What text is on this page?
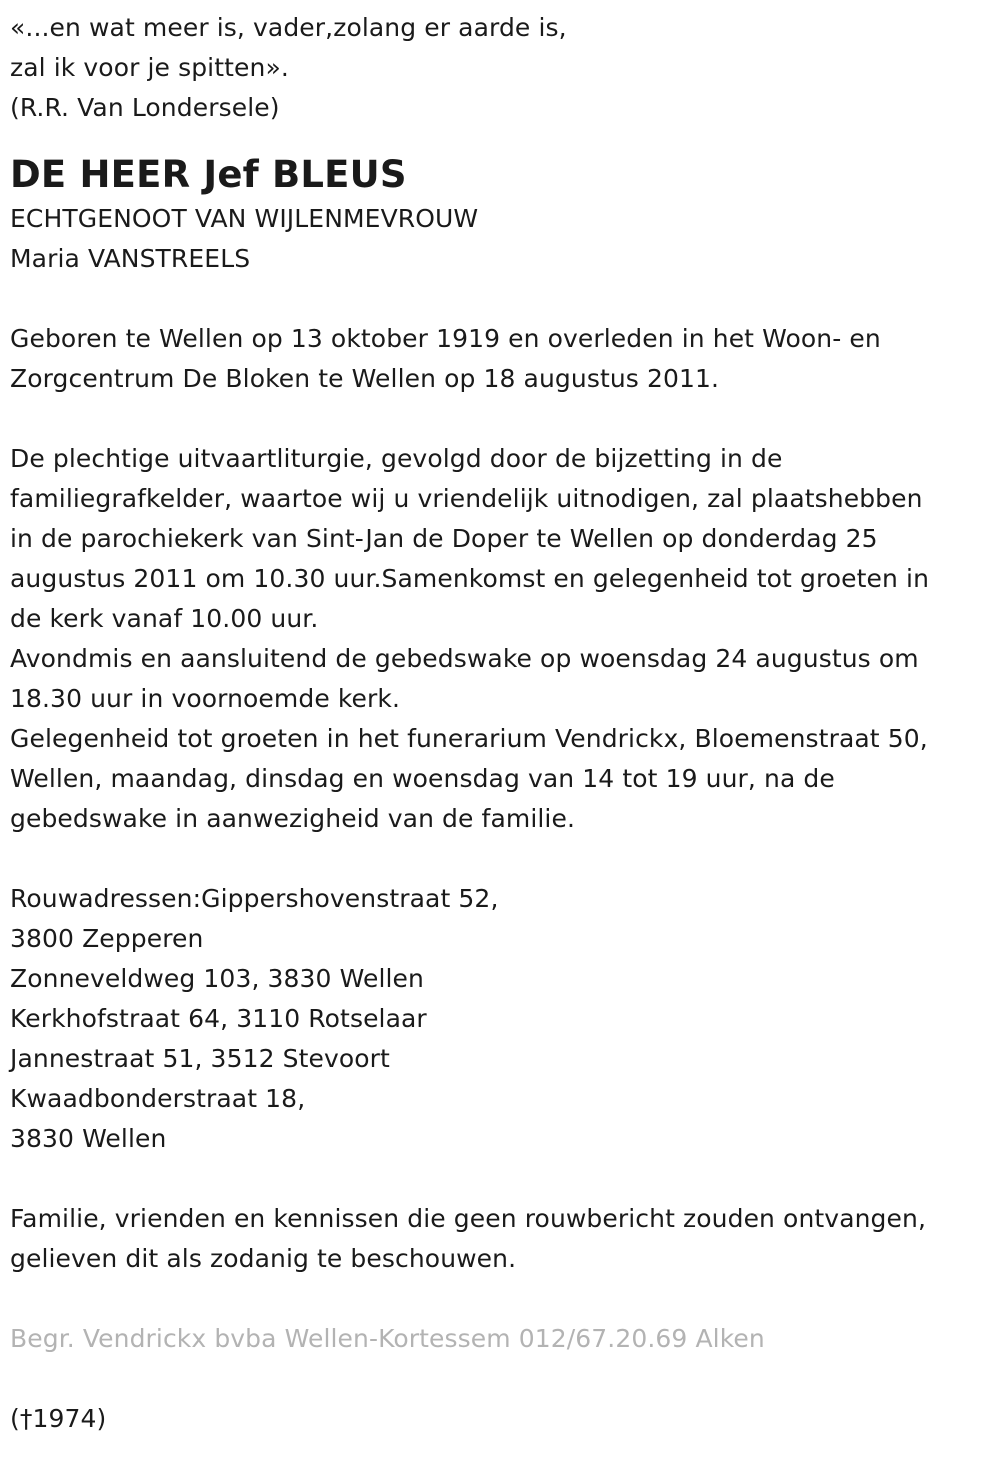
«...en wat meer is, vader,zolang er aarde is,
zal ik voor je spitten».
(R.R. Van Londersele)
DE HEER Jef BLEUS
ECHTGENOOT VAN WIJLENMEVROUW
Maria VANSTREELS
Geboren te Wellen op 13 oktober 1919 en overleden in het Woon- en
Zorgcentrum De Bloken te Wellen op 18 augustus 2011.
De plechtige uitvaartliturgie, gevolgd door de bijzetting in de
familiegrafkelder, waartoe wij u vriendelijk uitnodigen, zal plaatshebben
in de parochiekerk van Sint-Jan de Doper te Wellen op donderdag 25
augustus 2011 om 10.30 uur.Samenkomst en gelegenheid tot groeten in
de kerk vanaf 10.00 uur.
Avondmis en aansluitend de gebedswake op woensdag 24 augustus om
18.30 uur in voornoemde kerk.
Gelegenheid tot groeten in het funerarium Vendrickx, Bloemenstraat 50,
Wellen, maandag, dinsdag en woensdag van 14 tot 19 uur, na de
gebedswake in aanwezigheid van de familie.
Rouwadressen:Gippershovenstraat 52,
3800 Zepperen
Zonneveldweg 103, 3830 Wellen
Kerkhofstraat 64, 3110 Rotselaar
Jannestraat 51, 3512 Stevoort
Kwaadbonderstraat 18,
3830 Wellen
Familie, vrienden en kennissen die geen rouwbericht zouden ontvangen,
gelieven dit als zodanig te beschouwen.
Begr. Vendrickx bvba Wellen-Kortessem 012/67.20.69 Alken
(†1974)
